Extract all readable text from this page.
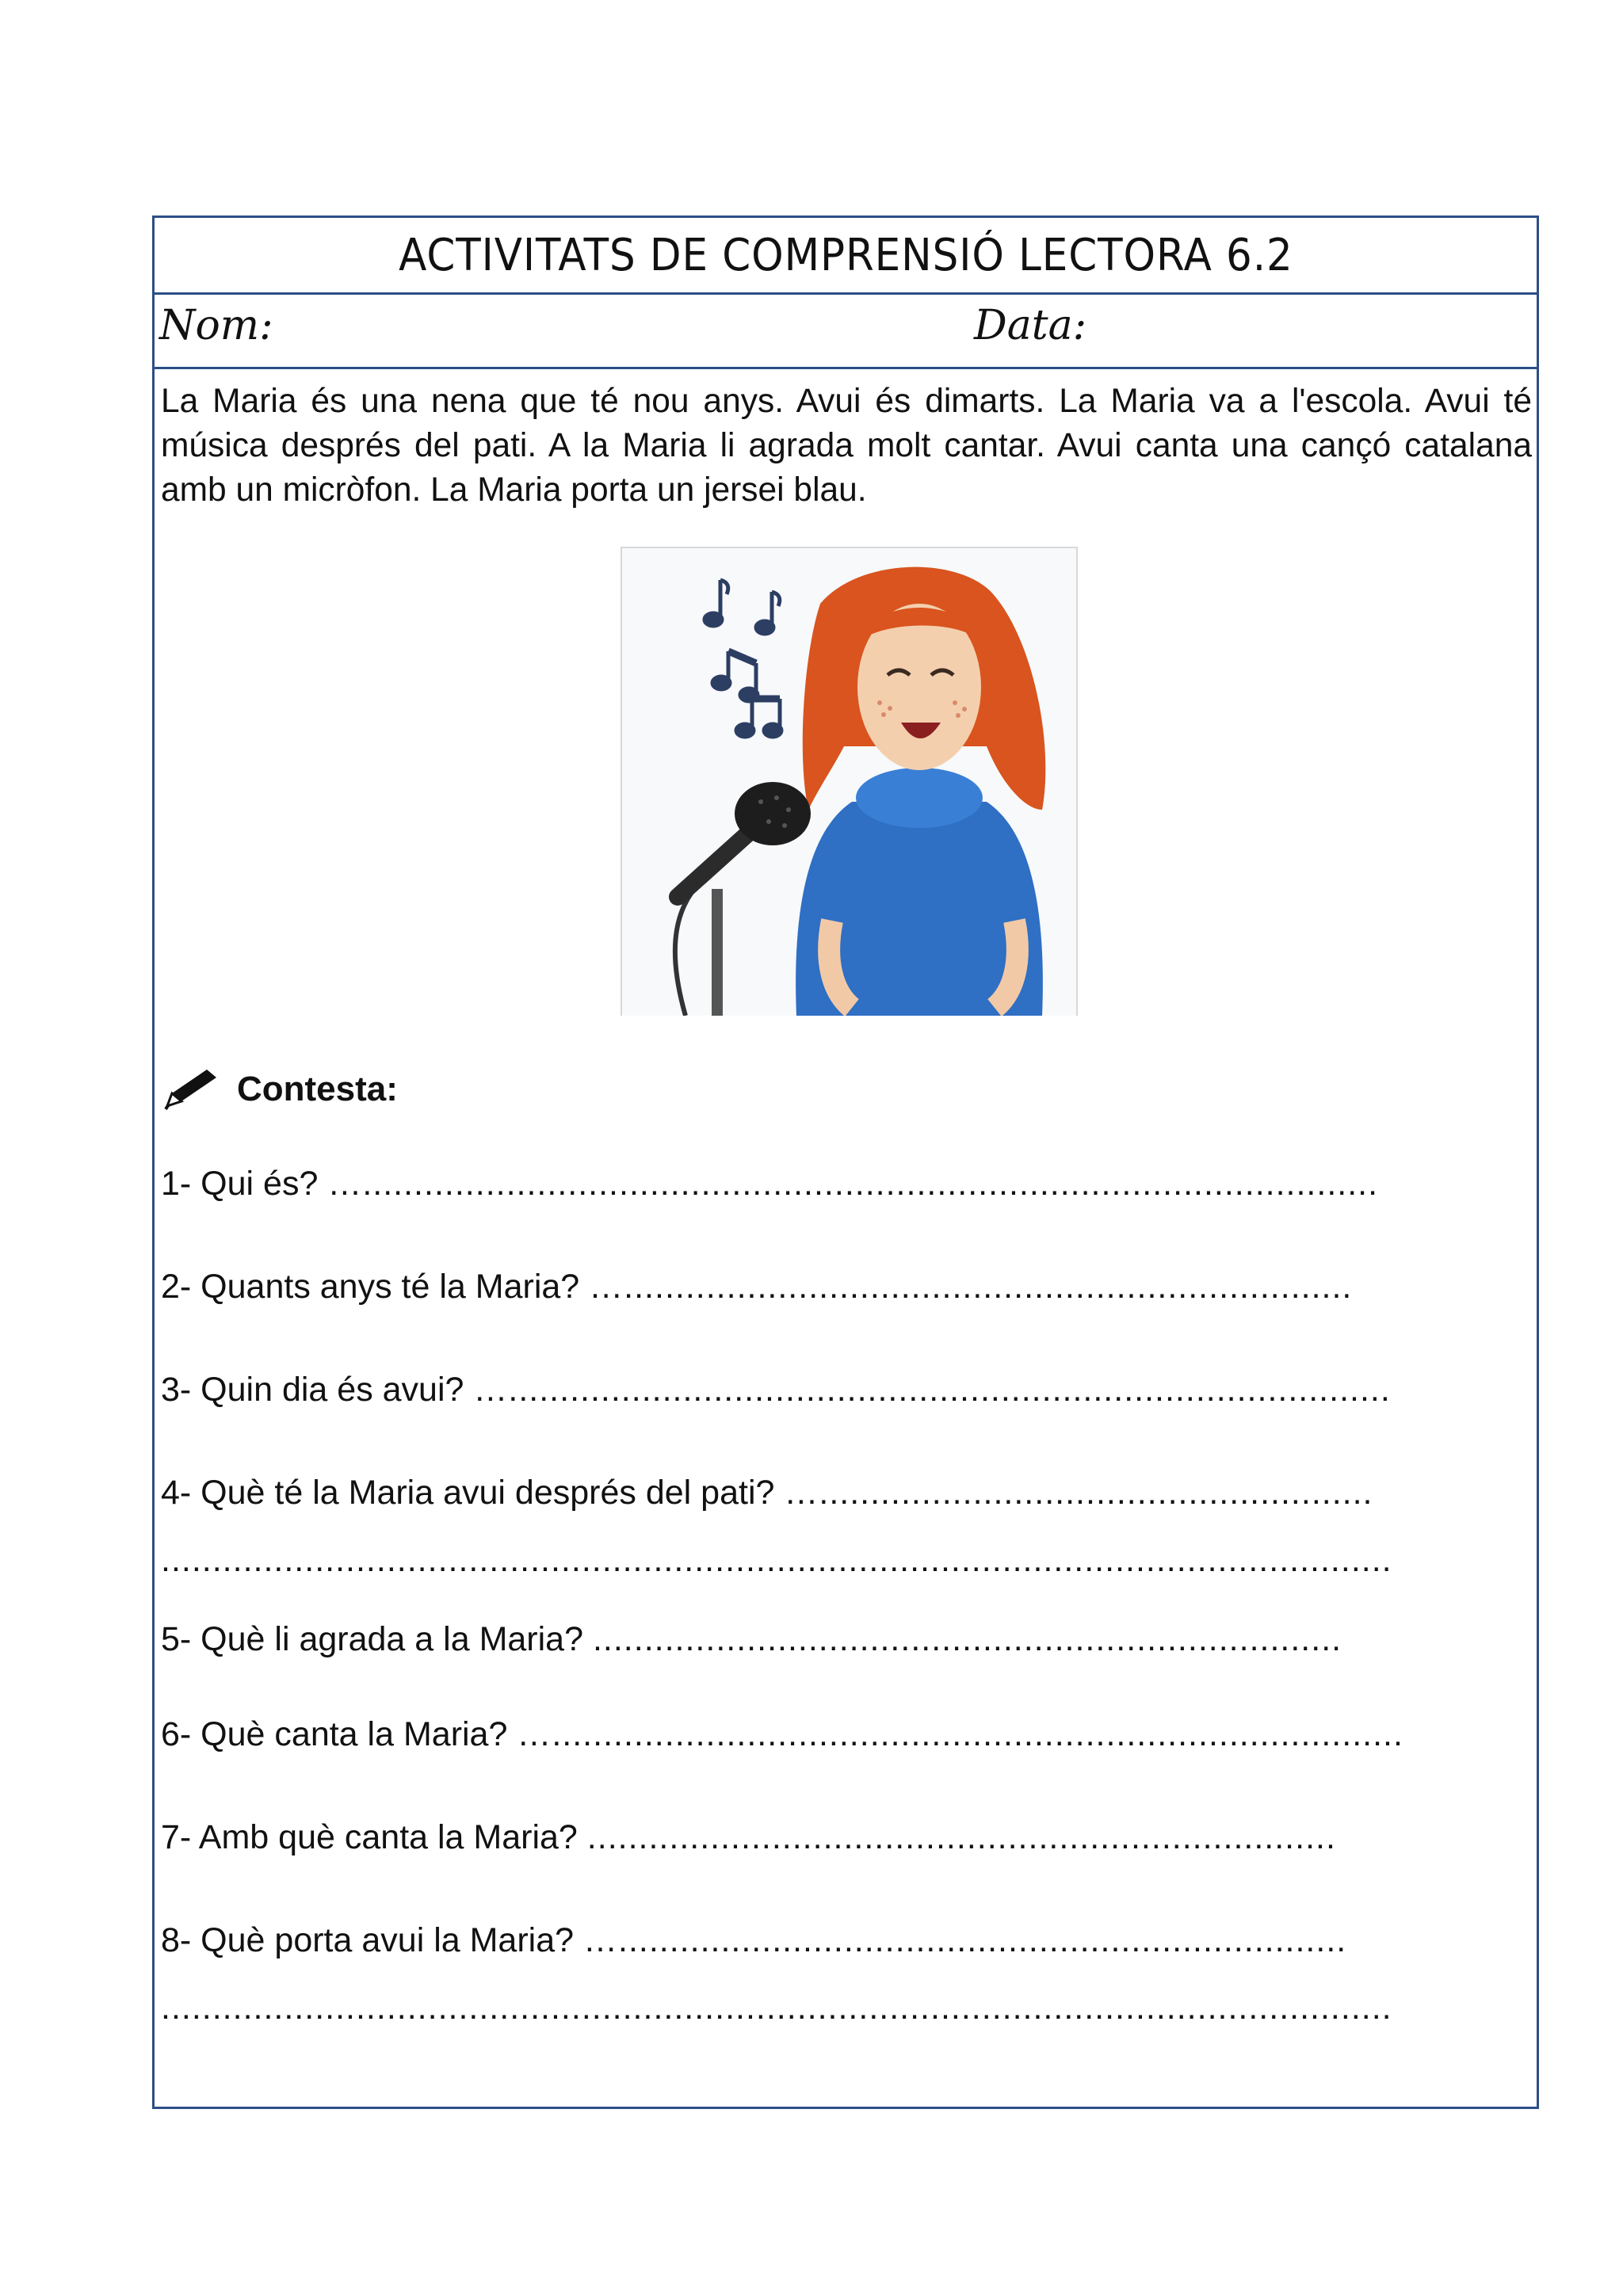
ACTIVITATS DE COMPRENSIÓ LECTORA 6.2
Nom:	Data:
La Maria és una nena que té nou anys. Avui és dimarts. La Maria va a l'escola. Avui té música després del pati. A la Maria li agrada molt cantar. Avui canta una cançó catalana amb un micròfon. La Maria porta un jersei blau.
Contesta:
1- Qui és? …...................................................................................................
2- Quants anys té la Maria? ….......................................................................
3- Quin dia és avui? …......................................................................................
4- Què té la Maria avui després del pati? …......................................................
........................................................................................................................
5- Què li agrada a la Maria? .........................................................................
6- Què canta la Maria? …...................................................................................
7- Amb què canta la Maria? .........................................................................
8- Què porta avui la Maria? ….......................................................................
........................................................................................................................
